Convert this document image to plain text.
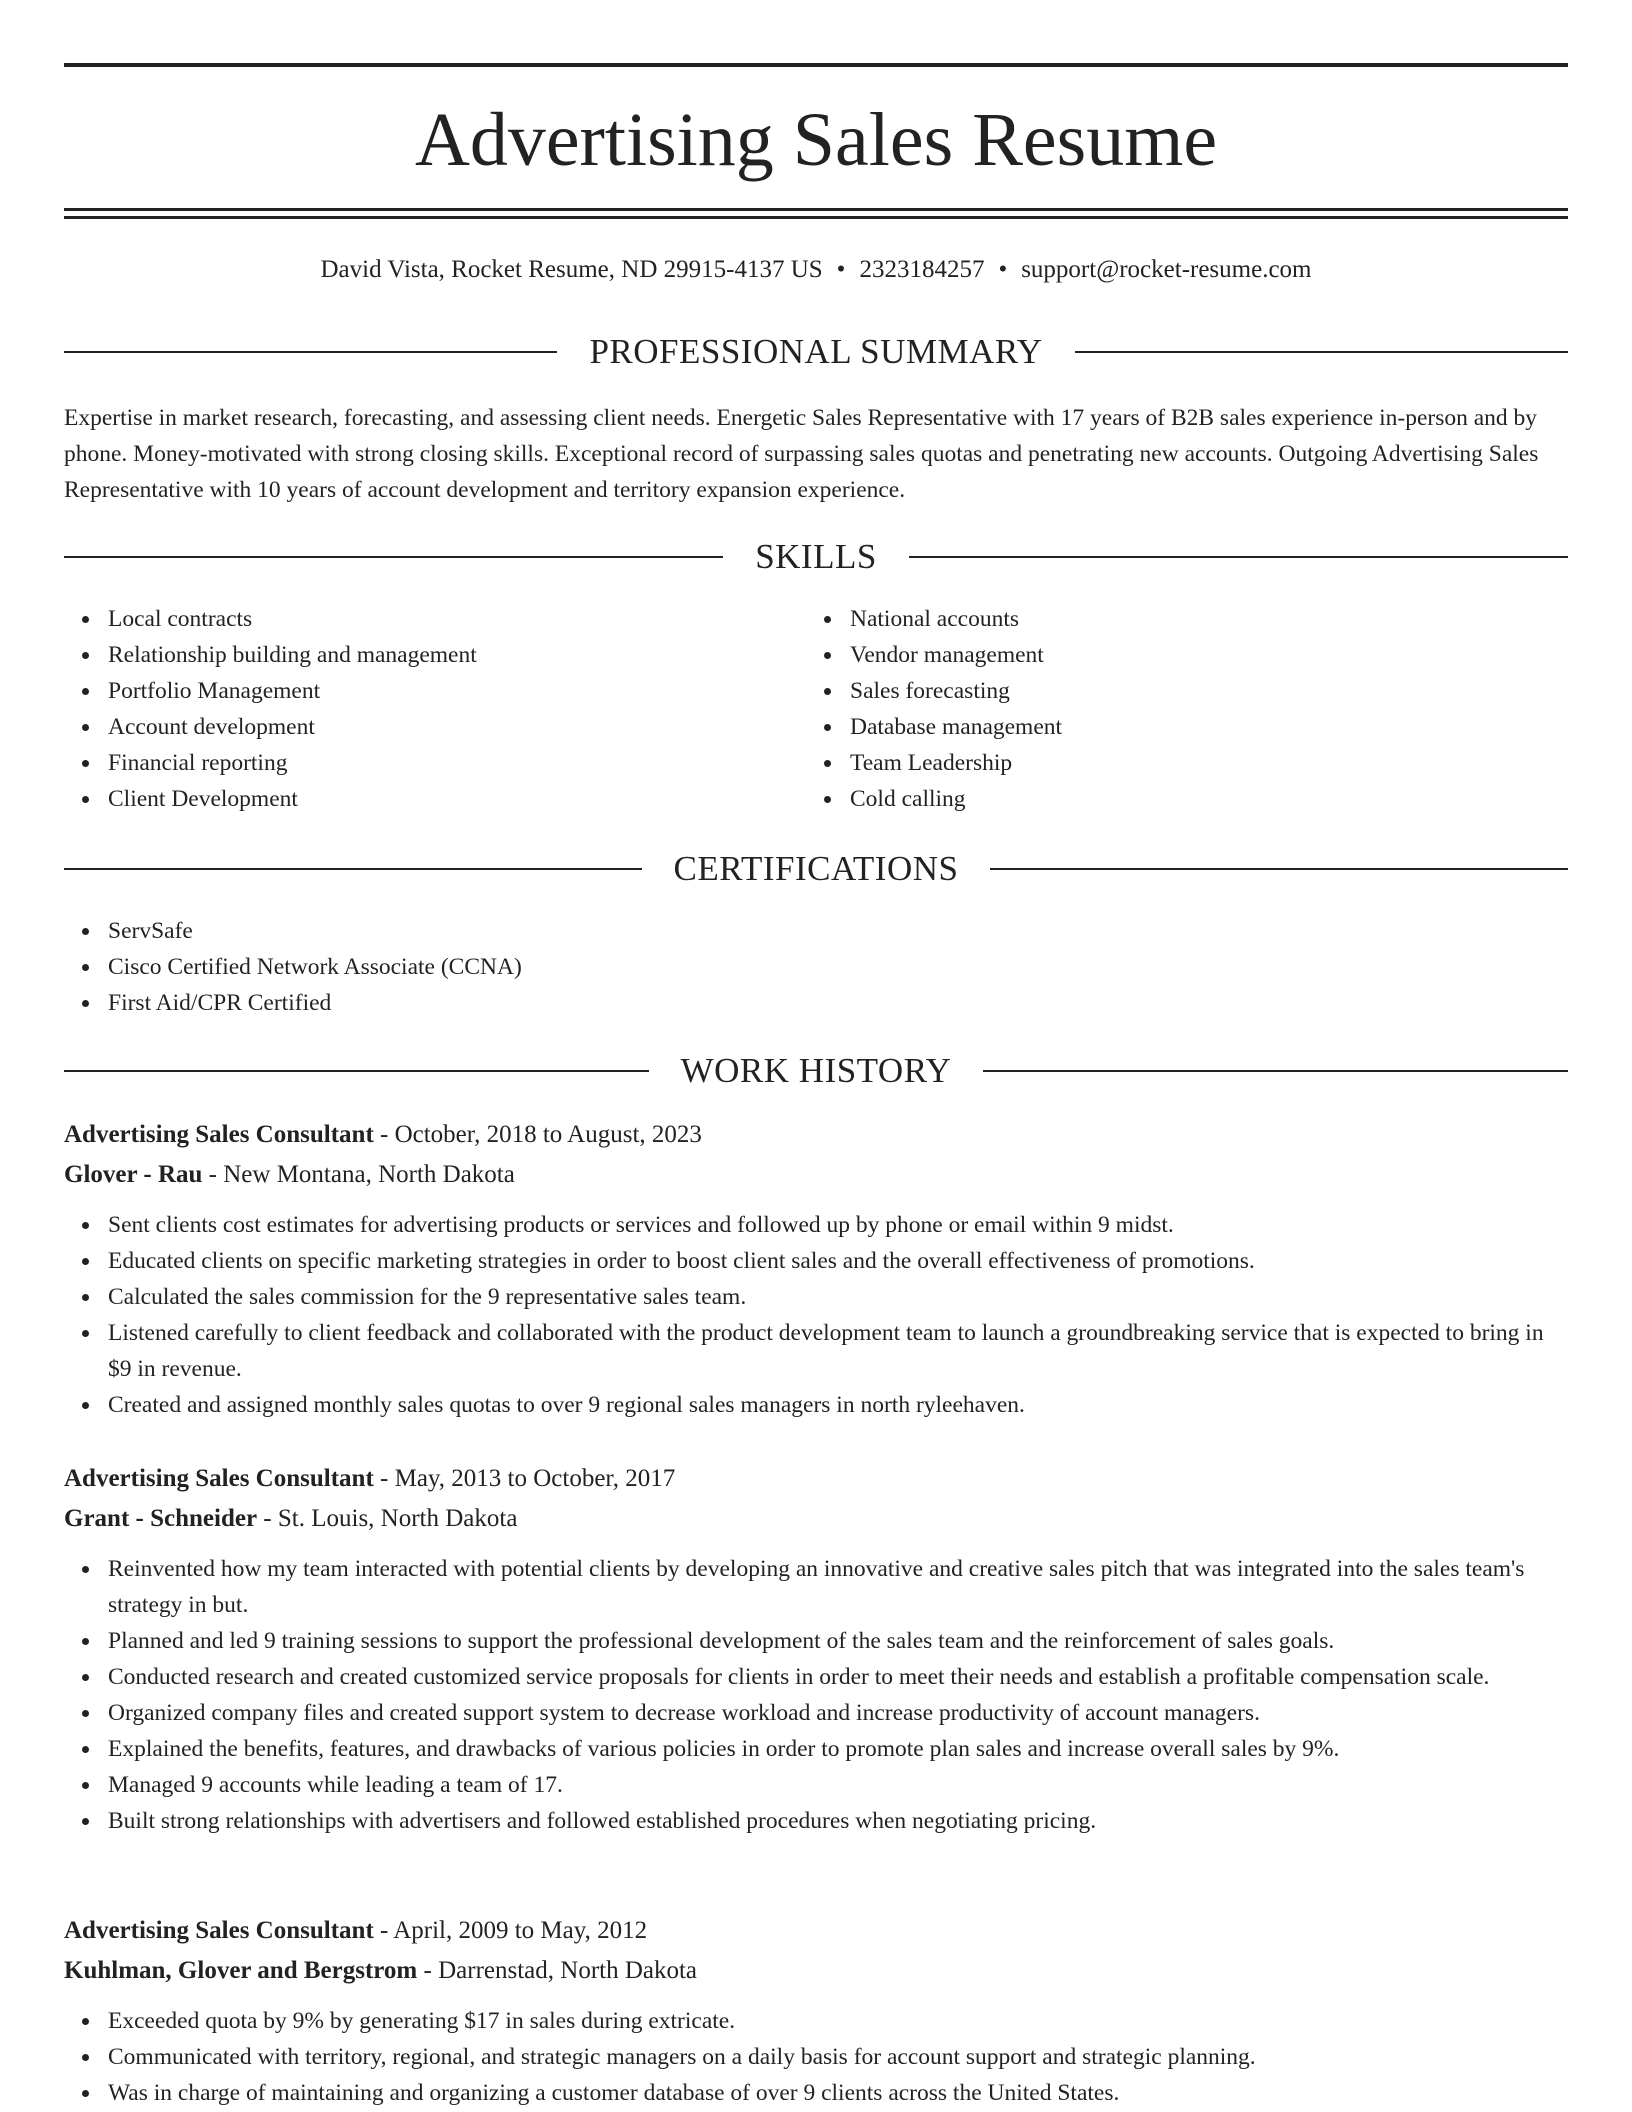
Advertising Sales Resume
David Vista, Rocket Resume, ND 29915-4137 US • 2323184257 • support@rocket-resume.com
PROFESSIONAL SUMMARY

Expertise in market research, forecasting, and assessing client needs. Energetic Sales Representative with 17 years of B2B sales experience in-person and by phone. Money-motivated with strong closing skills. Exceptional record of surpassing sales quotas and penetrating new accounts. Outgoing Advertising Sales Representative with 10 years of account development and territory expansion experience.

SKILLS
Local contracts
Relationship building and management
Portfolio Management
Account development
Financial reporting
Client Development
National accounts
Vendor management
Sales forecasting
Database management
Team Leadership
Cold calling
CERTIFICATIONS
ServSafe
Cisco Certified Network Associate (CCNA)
First Aid/CPR Certified
WORK HISTORY
Advertising Sales Consultant - October, 2018 to August, 2023
Glover - Rau - New Montana, North Dakota
Sent clients cost estimates for advertising products or services and followed up by phone or email within 9 midst.
Educated clients on specific marketing strategies in order to boost client sales and the overall effectiveness of promotions.
Calculated the sales commission for the 9 representative sales team.
Listened carefully to client feedback and collaborated with the product development team to launch a groundbreaking service that is expected to bring in $9 in revenue.
Created and assigned monthly sales quotas to over 9 regional sales managers in north ryleehaven.
Advertising Sales Consultant - May, 2013 to October, 2017
Grant - Schneider - St. Louis, North Dakota
Reinvented how my team interacted with potential clients by developing an innovative and creative sales pitch that was integrated into the sales team's strategy in but.
Planned and led 9 training sessions to support the professional development of the sales team and the reinforcement of sales goals.
Conducted research and created customized service proposals for clients in order to meet their needs and establish a profitable compensation scale.
Organized company files and created support system to decrease workload and increase productivity of account managers.
Explained the benefits, features, and drawbacks of various policies in order to promote plan sales and increase overall sales by 9%.
Managed 9 accounts while leading a team of 17.
Built strong relationships with advertisers and followed established procedures when negotiating pricing.
Advertising Sales Consultant - April, 2009 to May, 2012
Kuhlman, Glover and Bergstrom - Darrenstad, North Dakota
Exceeded quota by 9% by generating $17 in sales during extricate.
Communicated with territory, regional, and strategic managers on a daily basis for account support and strategic planning.
Was in charge of maintaining and organizing a customer database of over 9 clients across the United States.
